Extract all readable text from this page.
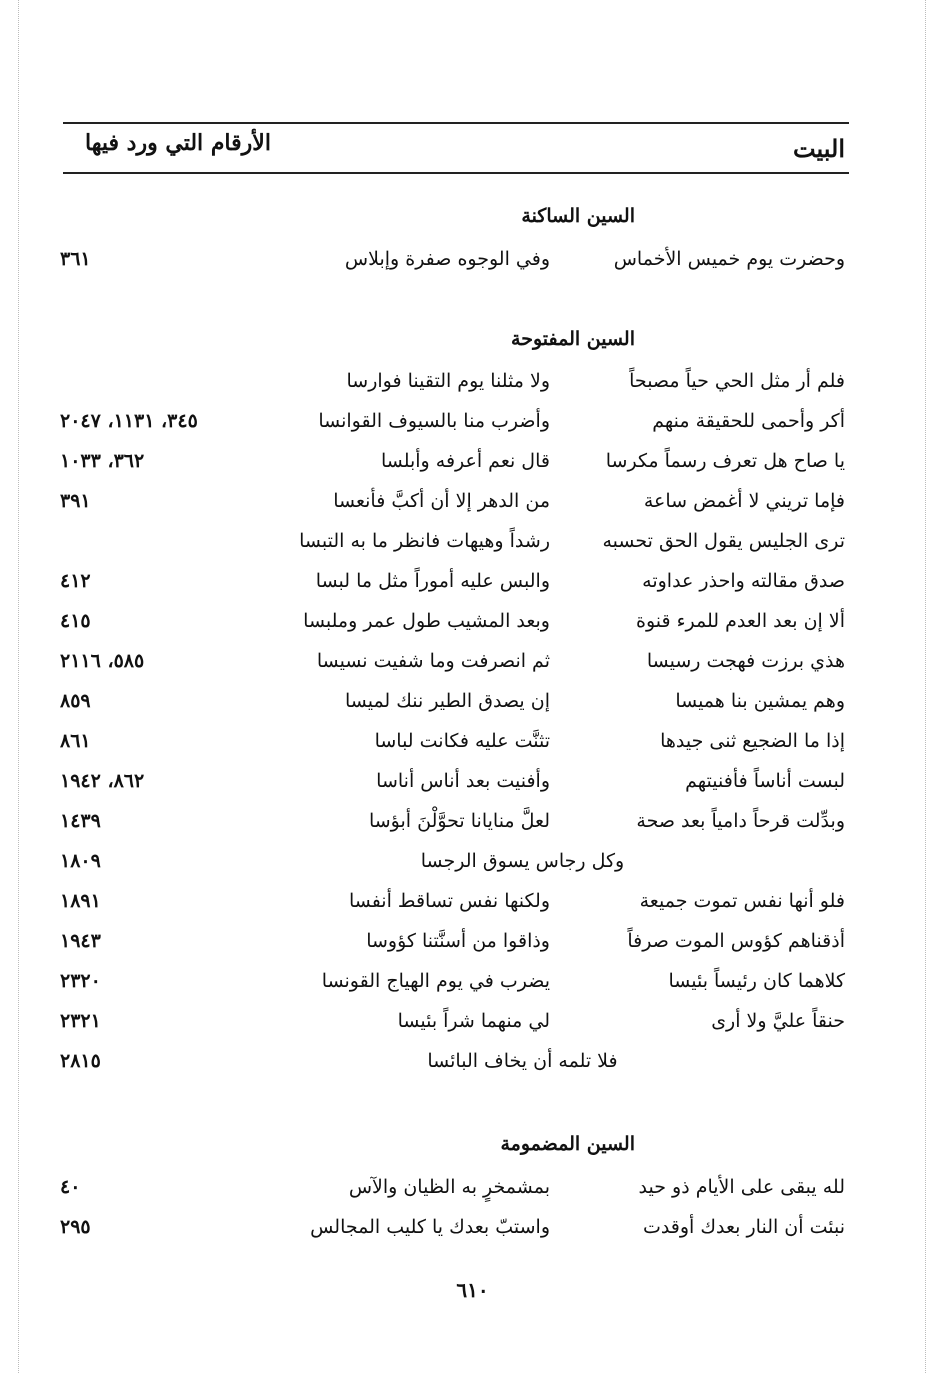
البيت
الأرقام التي ورد فيها
السين الساكنة
وحضرت يوم خميس الأخماس
وفي الوجوه صفرة وإبلاس
٣٦١
السين المفتوحة
فلم أر مثل الحي حياً مصبحاً
ولا مثلنا يوم التقينا فوارسا
أكر وأحمى للحقيقة منهم
وأضرب منا بالسيوف القوانسا
٣٤٥، ١١٣١، ٢٠٤٧
يا صاح هل تعرف رسماً مكرسا
قال نعم أعرفه وأبلسا
٣٦٢، ١٠٣٣
فإما تريني لا أغمض ساعة
من الدهر إلا أن أكبَّ فأنعسا
٣٩١
ترى الجليس يقول الحق تحسبه
رشداً وهيهات فانظر ما به التبسا
صدق مقالته واحذر عداوته
والبس عليه أموراً مثل ما لبسا
٤١٢
ألا إن بعد العدم للمرء قنوة
وبعد المشيب طول عمر وملبسا
٤١٥
هذي برزت فهجت رسيسا
ثم انصرفت وما شفيت نسيسا
٥٨٥، ٢١١٦
وهم يمشين بنا هميسا
إن يصدق الطير ننك لميسا
٨٥٩
إذا ما الضجيع ثنى جيدها
تثنَّت عليه فكانت لباسا
٨٦١
لبست أناساً فأفنيتهم
وأفنيت بعد أناس أناسا
٨٦٢، ١٩٤٢
وبدِّلت قرحاً دامياً بعد صحة
لعلَّ منايانا تحوَّلْنَ أبؤسا
١٤٣٩
وكل رجاس يسوق الرجسا
١٨٠٩
فلو أنها نفس تموت جميعة
ولكنها نفس تساقط أنفسا
١٨٩١
أذقناهم كؤوس الموت صرفاً
وذاقوا من أسنَّتنا كؤوسا
١٩٤٣
كلاهما كان رئيساً بئيسا
يضرب في يوم الهياج القونسا
٢٣٢٠
حنقاً عليَّ ولا أرى
لي منهما شراً بئيسا
٢٣٢١
فلا تلمه أن يخاف البائسا
٢٨١٥
السين المضمومة
لله يبقى على الأيام ذو حيد
بمشمخرٍ به الظيان والآس
٤٠
نبئت أن النار بعدك أوقدت
واستبّ بعدك يا كليب المجالس
٢٩٥
٦١٠
